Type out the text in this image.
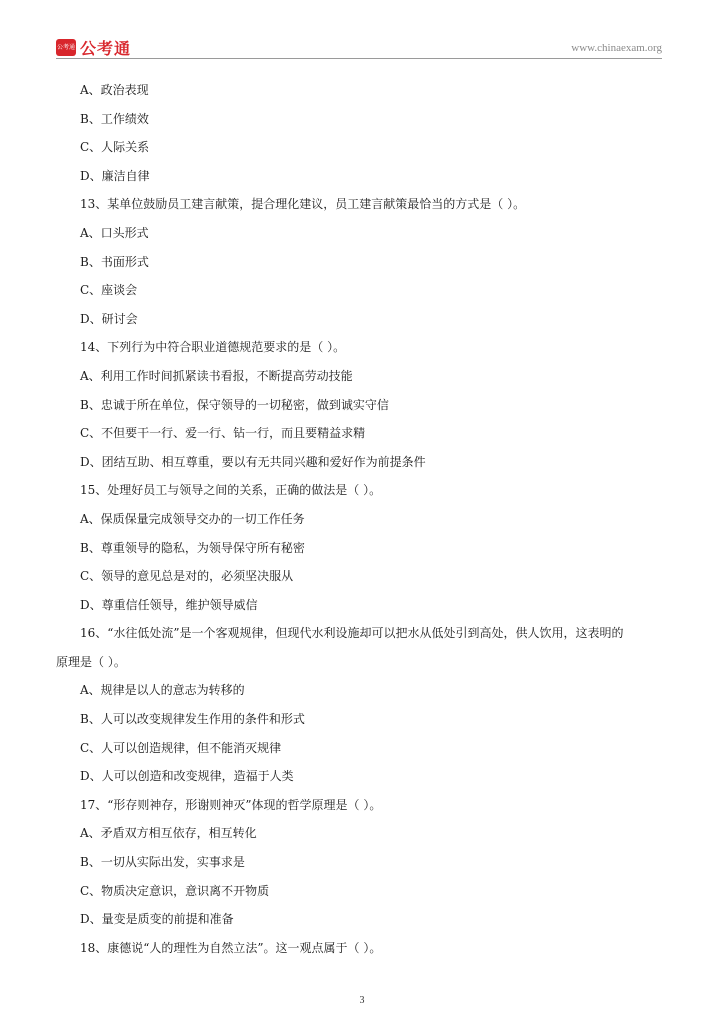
公考通 公考通	www.chinaexam.org

A、政治表现

B、工作绩效

C、人际关系

D、廉洁自律

13、某单位鼓励员工建言献策，提合理化建议，员工建言献策最恰当的方式是（ ）。

A、口头形式

B、书面形式

C、座谈会

D、研讨会

14、下列行为中符合职业道德规范要求的是（ ）。

A、利用工作时间抓紧读书看报，不断提高劳动技能

B、忠诚于所在单位，保守领导的一切秘密，做到诚实守信

C、不但要干一行、爱一行、钻一行，而且要精益求精

D、团结互助、相互尊重，要以有无共同兴趣和爱好作为前提条件

15、处理好员工与领导之间的关系，正确的做法是（ ）。

A、保质保量完成领导交办的一切工作任务

B、尊重领导的隐私，为领导保守所有秘密

C、领导的意见总是对的，必须坚决服从

D、尊重信任领导，维护领导威信

16、“水往低处流”是一个客观规律，但现代水利设施却可以把水从低处引到高处，供人饮用，这表明的
原理是（ ）。

A、规律是以人的意志为转移的

B、人可以改变规律发生作用的条件和形式

C、人可以创造规律，但不能消灭规律

D、人可以创造和改变规律，造福于人类

17、“形存则神存，形谢则神灭”体现的哲学原理是（ ）。

A、矛盾双方相互依存，相互转化

B、一切从实际出发，实事求是

C、物质决定意识，意识离不开物质

D、量变是质变的前提和准备

18、康德说“人的理性为自然立法”。这一观点属于（ ）。

3
